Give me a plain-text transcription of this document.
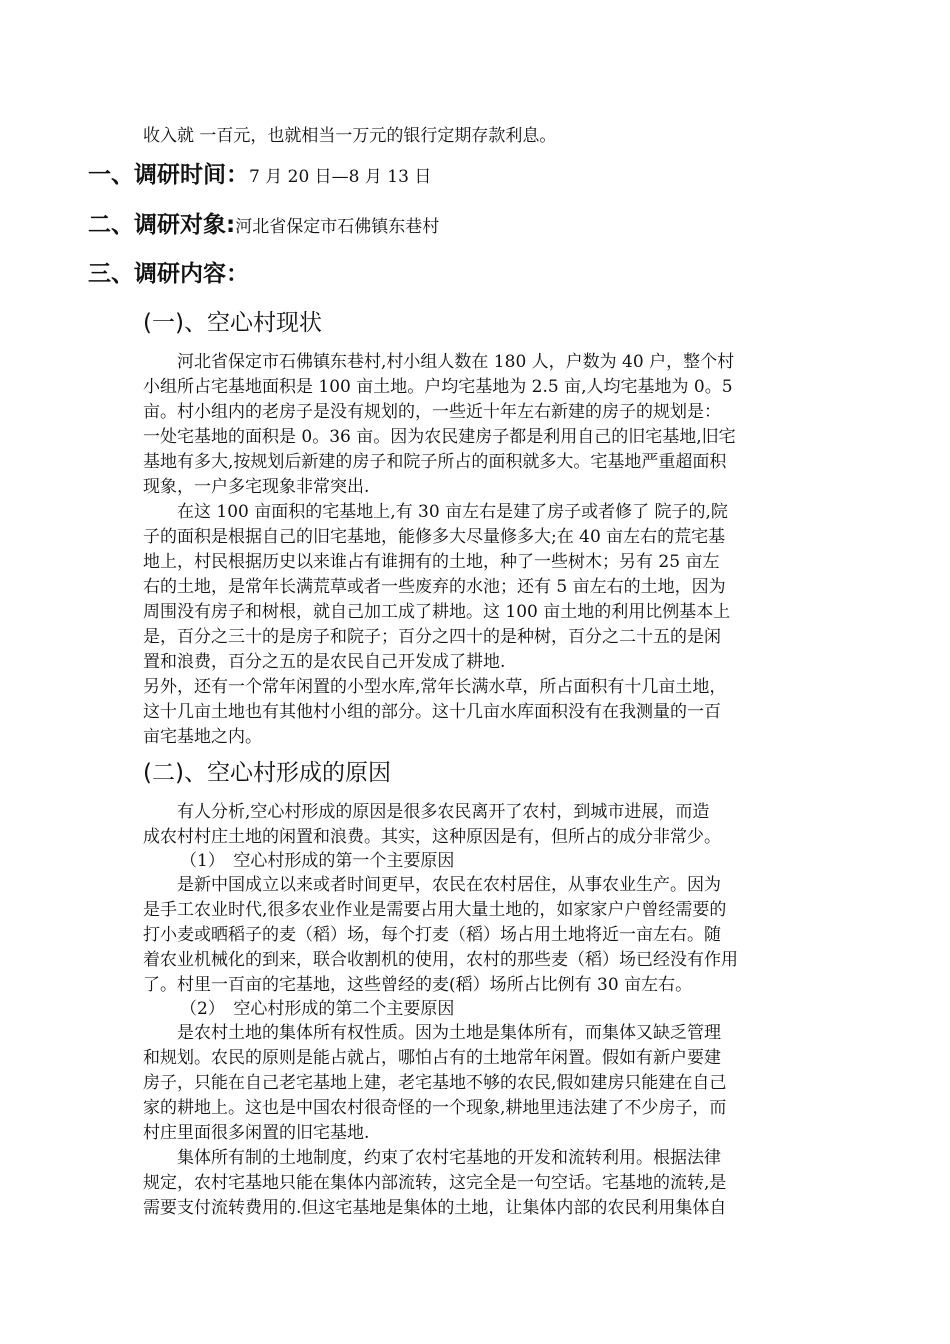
收入就 一百元，也就相当一万元的银行定期存款利息。
一、调研时间：7 月 20 日—8 月 13 日
二、调研对象:河北省保定市石佛镇东巷村
三、调研内容：
(一)、空心村现状
　　河北省保定市石佛镇东巷村,村小组人数在 180 人，户数为 40 户，整个村
小组所占宅基地面积是 100 亩土地。户均宅基地为 2.5 亩,人均宅基地为 0。5
亩。村小组内的老房子是没有规划的，一些近十年左右新建的房子的规划是：
一处宅基地的面积是 0。36 亩。因为农民建房子都是利用自己的旧宅基地,旧宅
基地有多大,按规划后新建的房子和院子所占的面积就多大。宅基地严重超面积
现象，一户多宅现象非常突出.
　　在这 100 亩面积的宅基地上,有 30 亩左右是建了房子或者修了 院子的,院
子的面积是根据自己的旧宅基地，能修多大尽量修多大;在 40 亩左右的荒宅基
地上，村民根据历史以来谁占有谁拥有的土地，种了一些树木；另有 25 亩左
右的土地，是常年长满荒草或者一些废弃的水池；还有 5 亩左右的土地，因为
周围没有房子和树根，就自己加工成了耕地。这 100 亩土地的利用比例基本上
是，百分之三十的是房子和院子；百分之四十的是种树，百分之二十五的是闲
置和浪费，百分之五的是农民自己开发成了耕地.
另外，还有一个常年闲置的小型水库,常年长满水草，所占面积有十几亩土地，
这十几亩土地也有其他村小组的部分。这十几亩水库面积没有在我测量的一百
亩宅基地之内。
(二)、空心村形成的原因
　　有人分析,空心村形成的原因是很多农民离开了农村，到城市进展，而造
成农村村庄土地的闲置和浪费。其实，这种原因是有，但所占的成分非常少。
（1）　空心村形成的第一个主要原因
　　是新中国成立以来或者时间更早，农民在农村居住，从事农业生产。因为
是手工农业时代,很多农业作业是需要占用大量土地的，如家家户户曾经需要的
打小麦或晒稻子的麦（稻）场，每个打麦（稻）场占用土地将近一亩左右。随
着农业机械化的到来，联合收割机的使用，农村的那些麦（稻）场已经没有作用
了。村里一百亩的宅基地，这些曾经的麦(稻）场所占比例有 30 亩左右。
（2）　空心村形成的第二个主要原因
　　是农村土地的集体所有权性质。因为土地是集体所有，而集体又缺乏管理
和规划。农民的原则是能占就占，哪怕占有的土地常年闲置。假如有新户要建
房子，只能在自己老宅基地上建，老宅基地不够的农民,假如建房只能建在自己
家的耕地上。这也是中国农村很奇怪的一个现象,耕地里违法建了不少房子，而
村庄里面很多闲置的旧宅基地.
　　集体所有制的土地制度，约束了农村宅基地的开发和流转利用。根据法律
规定，农村宅基地只能在集体内部流转，这完全是一句空话。宅基地的流转,是
需要支付流转费用的.但这宅基地是集体的土地，让集体内部的农民利用集体自
